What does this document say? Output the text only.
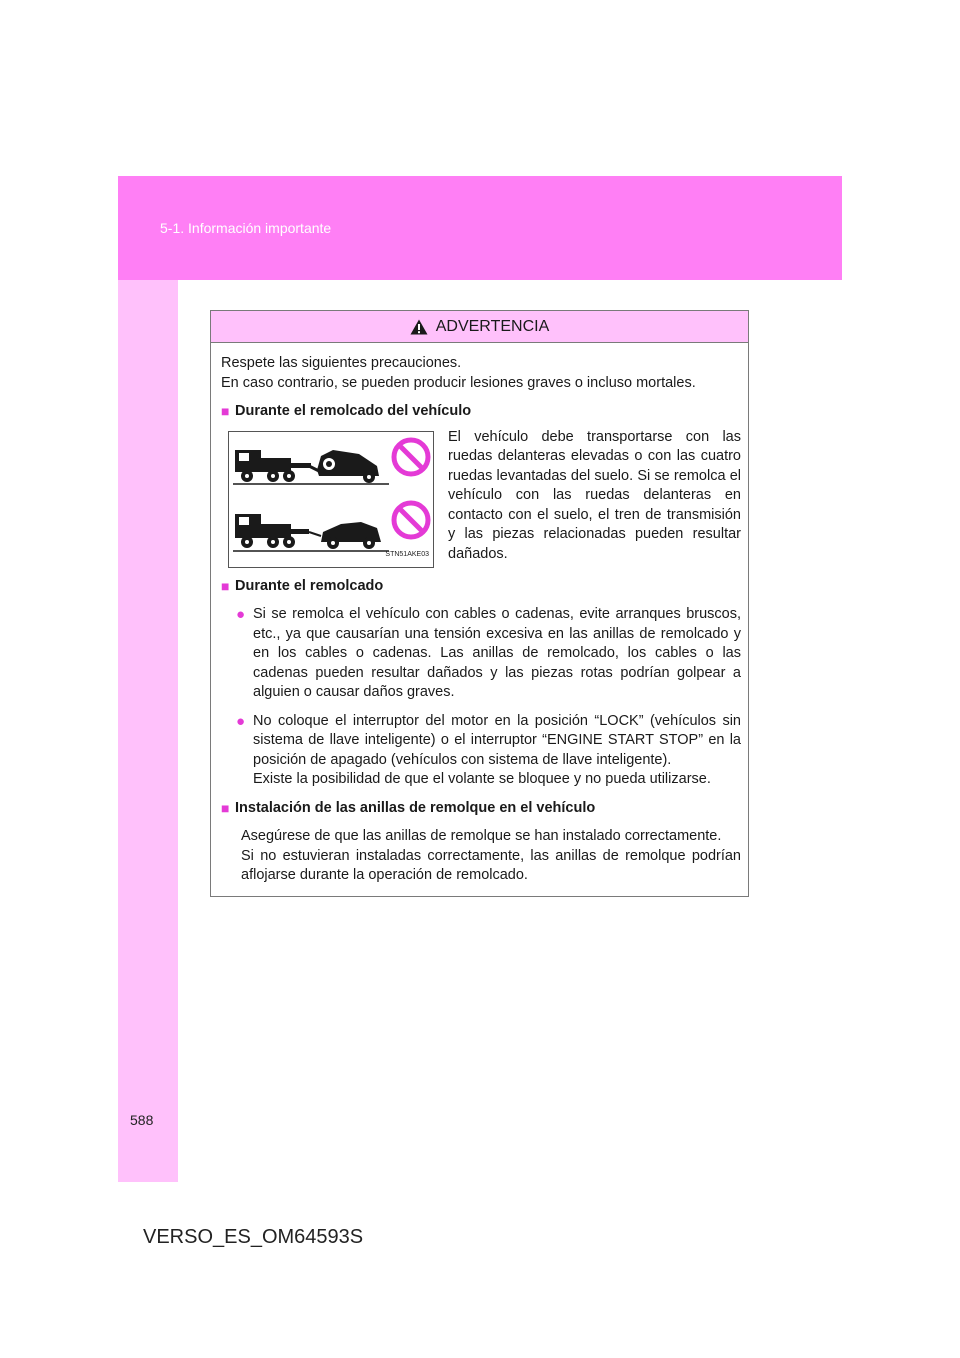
5-1. Información importante
588
VERSO_ES_OM64593S
ADVERTENCIA

Respete las siguientes precauciones.

En caso contrario, se pueden producir lesiones graves o incluso mortales.

■ Durante el remolcado del vehículo
STN51AKE03
El vehículo debe transportarse con las ruedas delanteras elevadas o con las cuatro ruedas levantadas del suelo. Si se remolca el vehículo con las ruedas delanteras en contacto con el suelo, el tren de transmisión y las piezas relacionadas pueden resultar dañados.
■ Durante el remolcado
● Si se remolca el vehículo con cables o cadenas, evite arranques bruscos, etc., ya que causarían una tensión excesiva en las anillas de remolcado y en los cables o cadenas. Las anillas de remolcado, los cables o las cadenas pueden resultar dañados y las piezas rotas podrían golpear a alguien o causar daños graves.
● No coloque el interruptor del motor en la posición “LOCK” (vehículos sin sistema de llave inteligente) o el interruptor “ENGINE START STOP” en la posición de apagado (vehículos con sistema de llave inteligente).
Existe la posibilidad de que el volante se bloquee y no pueda utilizarse.
■ Instalación de las anillas de remolque en el vehículo

Asegúrese de que las anillas de remolque se han instalado correctamente.

Si no estuvieran instaladas correctamente, las anillas de remolque podrían aflojarse durante la operación de remolcado.
